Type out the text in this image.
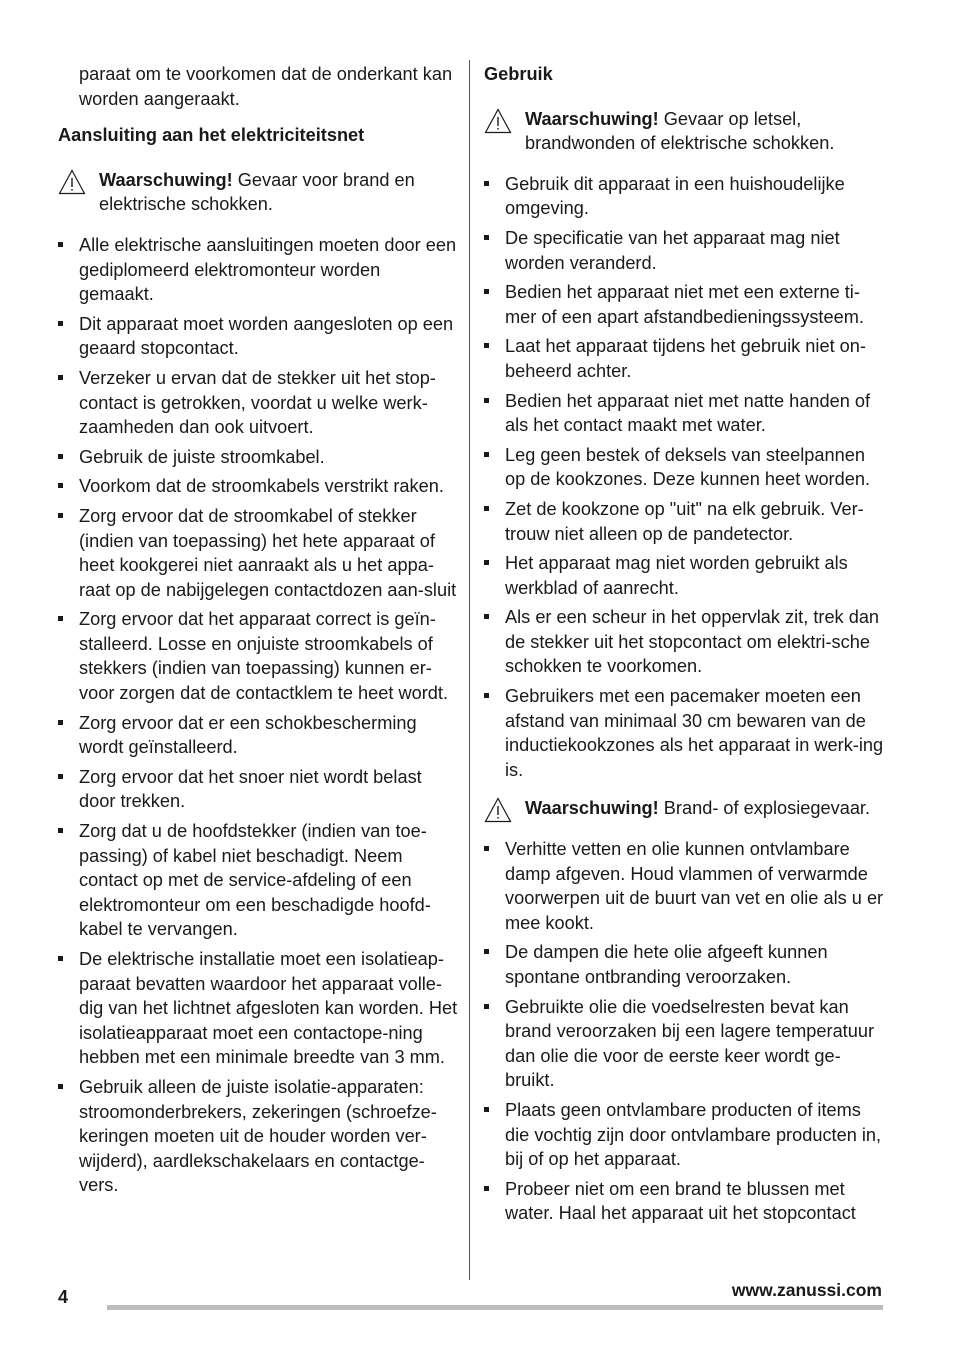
paraat om te voorkomen dat de onderkant kan worden aangeraakt.

Aansluiting aan het elektriciteitsnet

Waarschuwing! Gevaar voor brand en elektrische schokken.
Alle elektrische aansluitingen moeten door een gediplomeerd elektromonteur worden gemaakt.
Dit apparaat moet worden aangesloten op een geaard stopcontact.
Verzeker u ervan dat de stekker uit het stop-contact is getrokken, voordat u welke werk-zaamheden dan ook uitvoert.
Gebruik de juiste stroomkabel.
Voorkom dat de stroomkabels verstrikt raken.
Zorg ervoor dat de stroomkabel of stekker (indien van toepassing) het hete apparaat of heet kookgerei niet aanraakt als u het appa-raat op de nabijgelegen contactdozen aan-sluit
Zorg ervoor dat het apparaat correct is geïn-stalleerd. Losse en onjuiste stroomkabels of stekkers (indien van toepassing) kunnen er-voor zorgen dat de contactklem te heet wordt.
Zorg ervoor dat er een schokbescherming wordt geïnstalleerd.
Zorg ervoor dat het snoer niet wordt belast door trekken.
Zorg dat u de hoofdstekker (indien van toe-passing) of kabel niet beschadigt. Neem contact op met de service-afdeling of een elektromonteur om een beschadigde hoofd-kabel te vervangen.
De elektrische installatie moet een isolatieap-paraat bevatten waardoor het apparaat volle-dig van het lichtnet afgesloten kan worden. Het isolatieapparaat moet een contactope-ning hebben met een minimale breedte van 3 mm.
Gebruik alleen de juiste isolatie-apparaten: stroomonderbrekers, zekeringen (schroefze-keringen moeten uit de houder worden ver-wijderd), aardlekschakelaars en contactge-vers.

Gebruik

Waarschuwing! Gevaar op letsel, brandwonden of elektrische schokken.
Gebruik dit apparaat in een huishoudelijke omgeving.
De specificatie van het apparaat mag niet worden veranderd.
Bedien het apparaat niet met een externe ti-mer of een apart afstandbedieningssysteem.
Laat het apparaat tijdens het gebruik niet on-beheerd achter.
Bedien het apparaat niet met natte handen of als het contact maakt met water.
Leg geen bestek of deksels van steelpannen op de kookzones. Deze kunnen heet worden.
Zet de kookzone op "uit" na elk gebruik. Ver-trouw niet alleen op de pandetector.
Het apparaat mag niet worden gebruikt als werkblad of aanrecht.
Als er een scheur in het oppervlak zit, trek dan de stekker uit het stopcontact om elektri-sche schokken te voorkomen.
Gebruikers met een pacemaker moeten een afstand van minimaal 30 cm bewaren van de inductiekookzones als het apparaat in werk-ing is.
Waarschuwing! Brand- of explosiegevaar.
Verhitte vetten en olie kunnen ontvlambare damp afgeven. Houd vlammen of verwarmde voorwerpen uit de buurt van vet en olie als u er mee kookt.
De dampen die hete olie afgeeft kunnen spontane ontbranding veroorzaken.
Gebruikte olie die voedselresten bevat kan brand veroorzaken bij een lagere temperatuur dan olie die voor de eerste keer wordt ge-bruikt.
Plaats geen ontvlambare producten of items die vochtig zijn door ontvlambare producten in, bij of op het apparaat.
Probeer niet om een brand te blussen met water. Haal het apparaat uit het stopcontact
4	www.zanussi.com
